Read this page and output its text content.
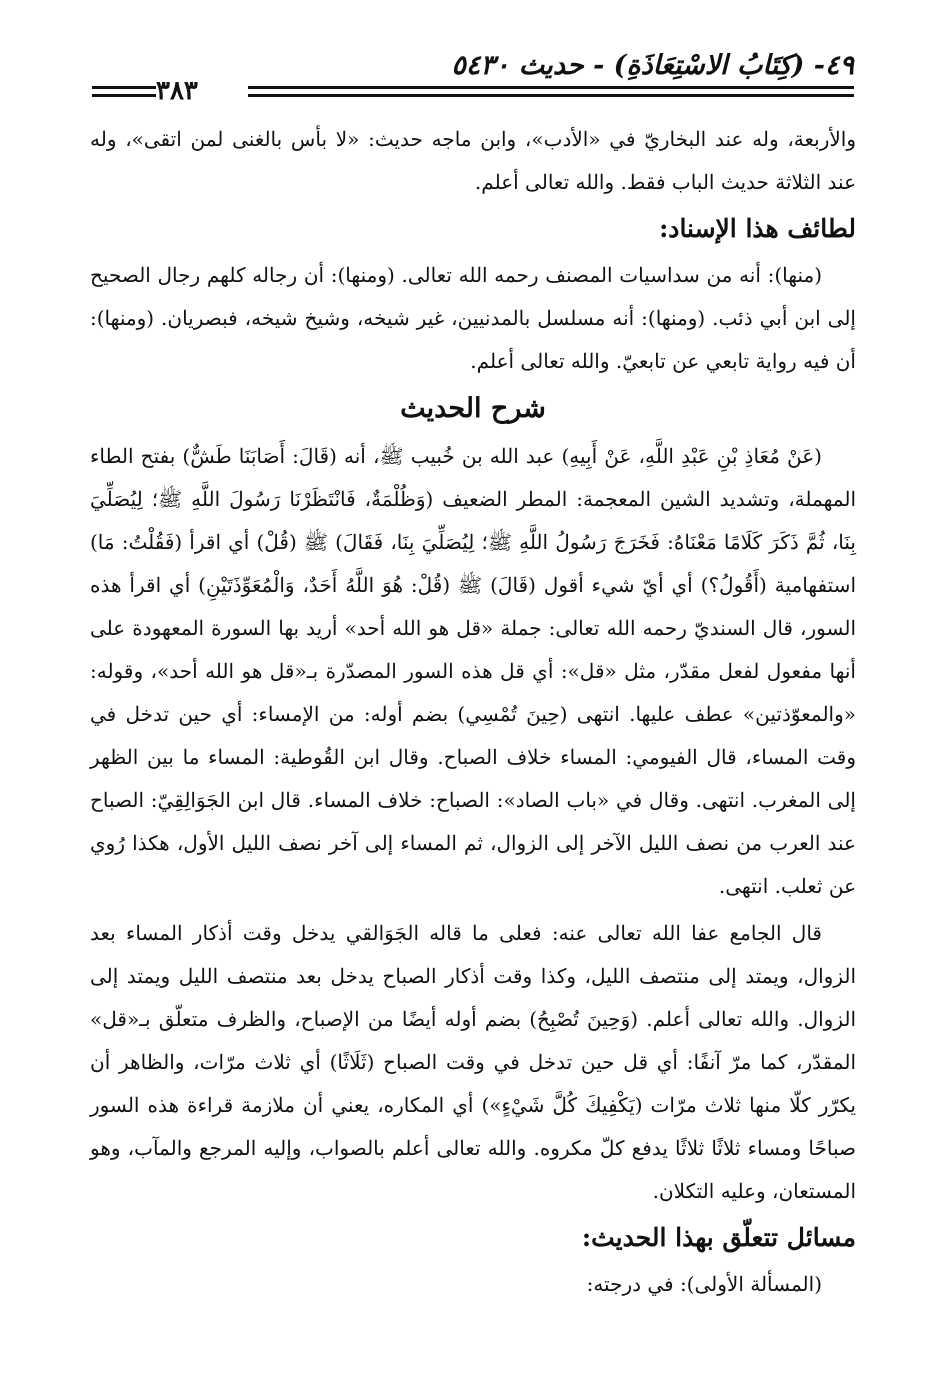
٤٩- (كِتَابُ الاسْتِعَاذَةِ) - حديث ٥٤٣٠
٣٨٣

والأربعة، وله عند البخاريّ في «الأدب»، وابن ماجه حديث: «لا بأس بالغنى لمن اتقى»، وله عند الثلاثة حديث الباب فقط. والله تعالى أعلم.

لطائف هذا الإسناد:

(منها): أنه من سداسيات المصنف رحمه الله تعالى. (ومنها): أن رجاله كلهم رجال الصحيح إلى ابن أبي ذئب. (ومنها): أنه مسلسل بالمدنيين، غير شيخه، وشيخ شيخه، فبصريان. (ومنها): أن فيه رواية تابعي عن تابعيّ. والله تعالى أعلم.

شرح الحديث

(عَنْ مُعَاذِ بْنِ عَبْدِ اللَّهِ، عَنْ أَبِيهِ) عبد الله بن خُبيب ﷺ، أنه (قَالَ: أَصَابَنَا طَشٌّ) بفتح الطاء المهملة، وتشديد الشين المعجمة: المطر الضعيف (وَظُلْمَةٌ، فَانْتَظَرْنَا رَسُولَ اللَّهِ ﷺ؛ لِيُصَلِّيَ بِنَا، ثُمَّ ذَكَرَ كَلَامًا مَعْنَاهُ: فَخَرَجَ رَسُولُ اللَّهِ ﷺ؛ لِيُصَلِّيَ بِنَا، فَقَالَ) ﷺ (قُلْ) أي اقرأ (فَقُلْتُ: مَا) استفهامية (أَقُولُ؟) أي أيّ شيء أقول (قَالَ) ﷺ (قُلْ: هُوَ اللَّهُ أَحَدٌ، وَالْمُعَوِّذَتَيْنِ) أي اقرأ هذه السور، قال السنديّ رحمه الله تعالى: جملة «قل هو الله أحد» أريد بها السورة المعهودة على أنها مفعول لفعل مقدّر، مثل «قل»: أي قل هذه السور المصدّرة بـ«قل هو الله أحد»، وقوله: «والمعوّذتين» عطف عليها. انتهى (حِينَ تُمْسِي) بضم أوله: من الإمساء: أي حين تدخل في وقت المساء، قال الفيومي: المساء خلاف الصباح. وقال ابن القُوطية: المساء ما بين الظهر إلى المغرب. انتهى. وقال في «باب الصاد»: الصباح: خلاف المساء. قال ابن الجَوَالِقِيّ: الصباح عند العرب من نصف الليل الآخر إلى الزوال، ثم المساء إلى آخر نصف الليل الأول، هكذا رُوي عن ثعلب. انتهى.

قال الجامع عفا الله تعالى عنه: فعلى ما قاله الجَوَالقي يدخل وقت أذكار المساء بعد الزوال، ويمتد إلى منتصف الليل، وكذا وقت أذكار الصباح يدخل بعد منتصف الليل ويمتد إلى الزوال. والله تعالى أعلم. (وَحِينَ تُصْبِحُ) بضم أوله أيضًا من الإصباح، والظرف متعلّق بـ«قل» المقدّر، كما مرّ آنفًا: أي قل حين تدخل في وقت الصباح (ثَلَاثًا) أي ثلاث مرّات، والظاهر أن يكرّر كلّا منها ثلاث مرّات (يَكْفِيكَ كُلَّ شَيْءٍ») أي المكاره، يعني أن ملازمة قراءة هذه السور صباحًا ومساء ثلاثًا ثلاثًا يدفع كلّ مكروه. والله تعالى أعلم بالصواب، وإليه المرجع والمآب، وهو المستعان، وعليه التكلان.

مسائل تتعلّق بهذا الحديث:

(المسألة الأولى): في درجته:
